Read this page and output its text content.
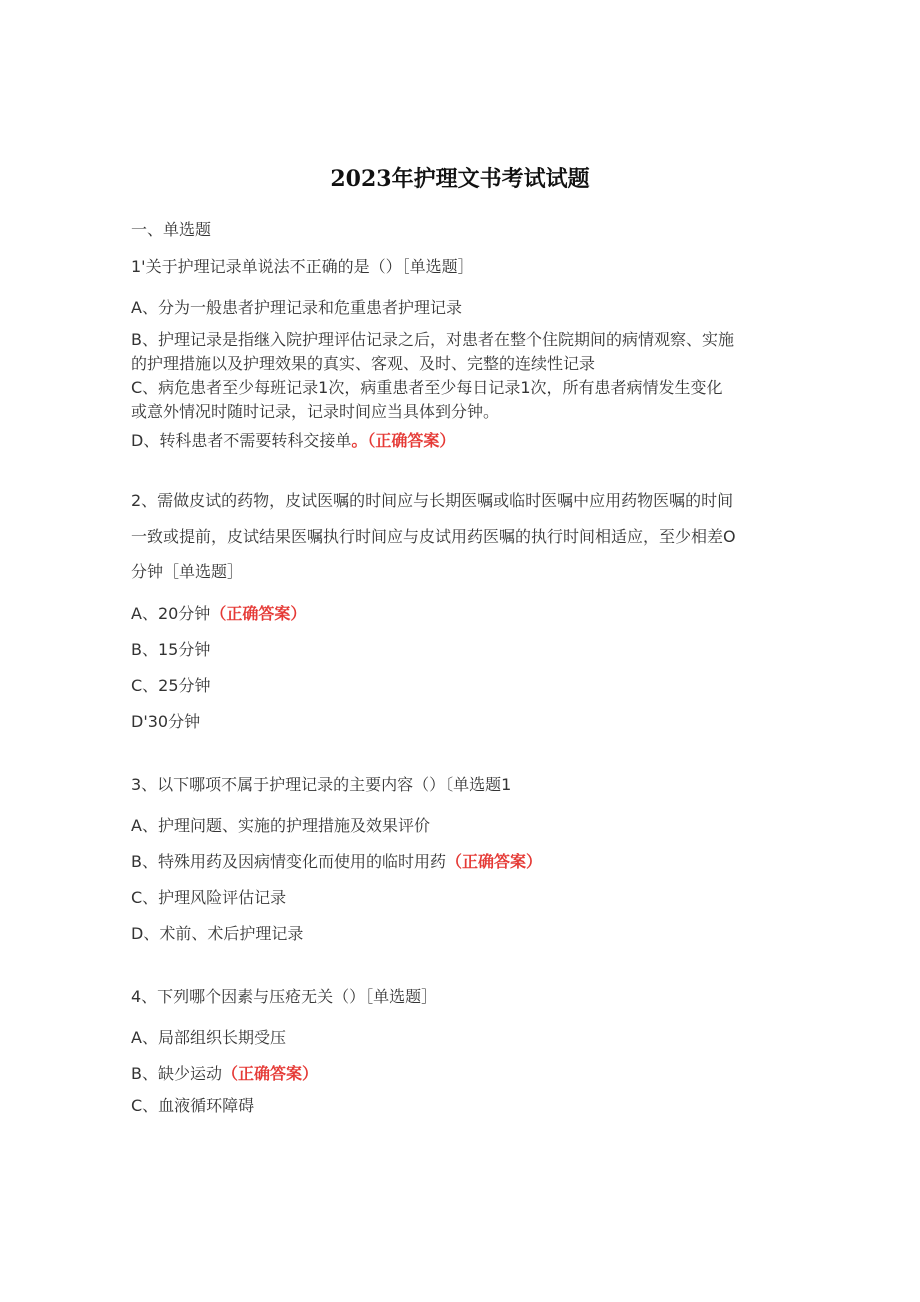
2023年护理文书考试试题
一、单选题
1'关于护理记录单说法不正确的是（）［单选题］
A、分为一般患者护理记录和危重患者护理记录
B、护理记录是指继入院护理评估记录之后，对患者在整个住院期间的病情观察、实施
的护理措施以及护理效果的真实、客观、及时、完整的连续性记录
C、病危患者至少每班记录1次，病重患者至少每日记录1次，所有患者病情发生变化
或意外情况时随时记录，记录时间应当具体到分钟。
D、转科患者不需要转科交接单。（正确答案）
2、需做皮试的药物，皮试医嘱的时间应与长期医嘱或临时医嘱中应用药物医嘱的时间
一致或提前，皮试结果医嘱执行时间应与皮试用药医嘱的执行时间相适应，至少相差O
分钟［单选题］
A、20分钟（正确答案）
B、15分钟
C、25分钟
D'30分钟
3、以下哪项不属于护理记录的主要内容（）〔单选题1
A、护理问题、实施的护理措施及效果评价
B、特殊用药及因病情变化而使用的临时用药（正确答案）
C、护理风险评估记录
D、术前、术后护理记录
4、下列哪个因素与压疮无关（）［单选题］
A、局部组织长期受压
B、缺少运动（正确答案）
C、血液循环障碍
